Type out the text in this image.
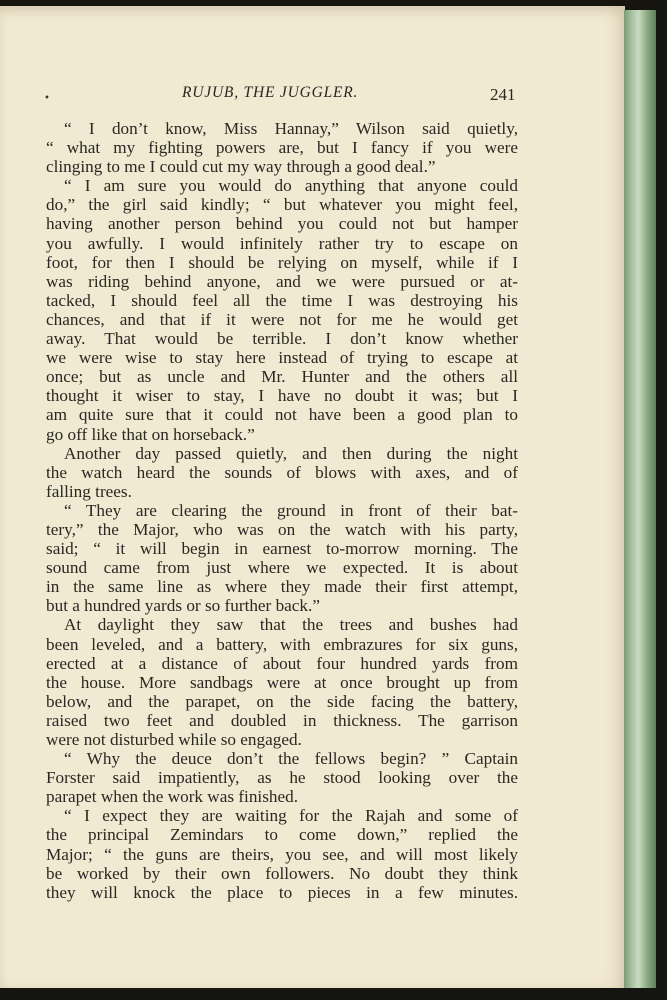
•	RUJUB, THE JUGGLER.	241
“ I don’t know, Miss Hannay,” Wilson said quietly,
“ what my fighting powers are, but I fancy if you were
clinging to me I could cut my way through a good deal.”
“ I am sure you would do anything that anyone could
do,” the girl said kindly; “ but whatever you might feel,
having another person behind you could not but hamper
you awfully. I would infinitely rather try to escape on
foot, for then I should be relying on myself, while if I
was riding behind anyone, and we were pursued or at-
tacked, I should feel all the time I was destroying his
chances, and that if it were not for me he would get
away. That would be terrible. I don’t know whether
we were wise to stay here instead of trying to escape at
once; but as uncle and Mr. Hunter and the others all
thought it wiser to stay, I have no doubt it was; but I
am quite sure that it could not have been a good plan to
go off like that on horseback.”
Another day passed quietly, and then during the night
the watch heard the sounds of blows with axes, and of
falling trees.
“ They are clearing the ground in front of their bat-
tery,” the Major, who was on the watch with his party,
said; “ it will begin in earnest to-morrow morning. The
sound came from just where we expected. It is about
in the same line as where they made their first attempt,
but a hundred yards or so further back.”
At daylight they saw that the trees and bushes had
been leveled, and a battery, with embrazures for six guns,
erected at a distance of about four hundred yards from
the house. More sandbags were at once brought up from
below, and the parapet, on the side facing the battery,
raised two feet and doubled in thickness. The garrison
were not disturbed while so engaged.
“ Why the deuce don’t the fellows begin? ” Captain
Forster said impatiently, as he stood looking over the
parapet when the work was finished.
“ I expect they are waiting for the Rajah and some of
the principal Zemindars to come down,” replied the
Major; “ the guns are theirs, you see, and will most likely
be worked by their own followers. No doubt they think
they will knock the place to pieces in a few minutes.
